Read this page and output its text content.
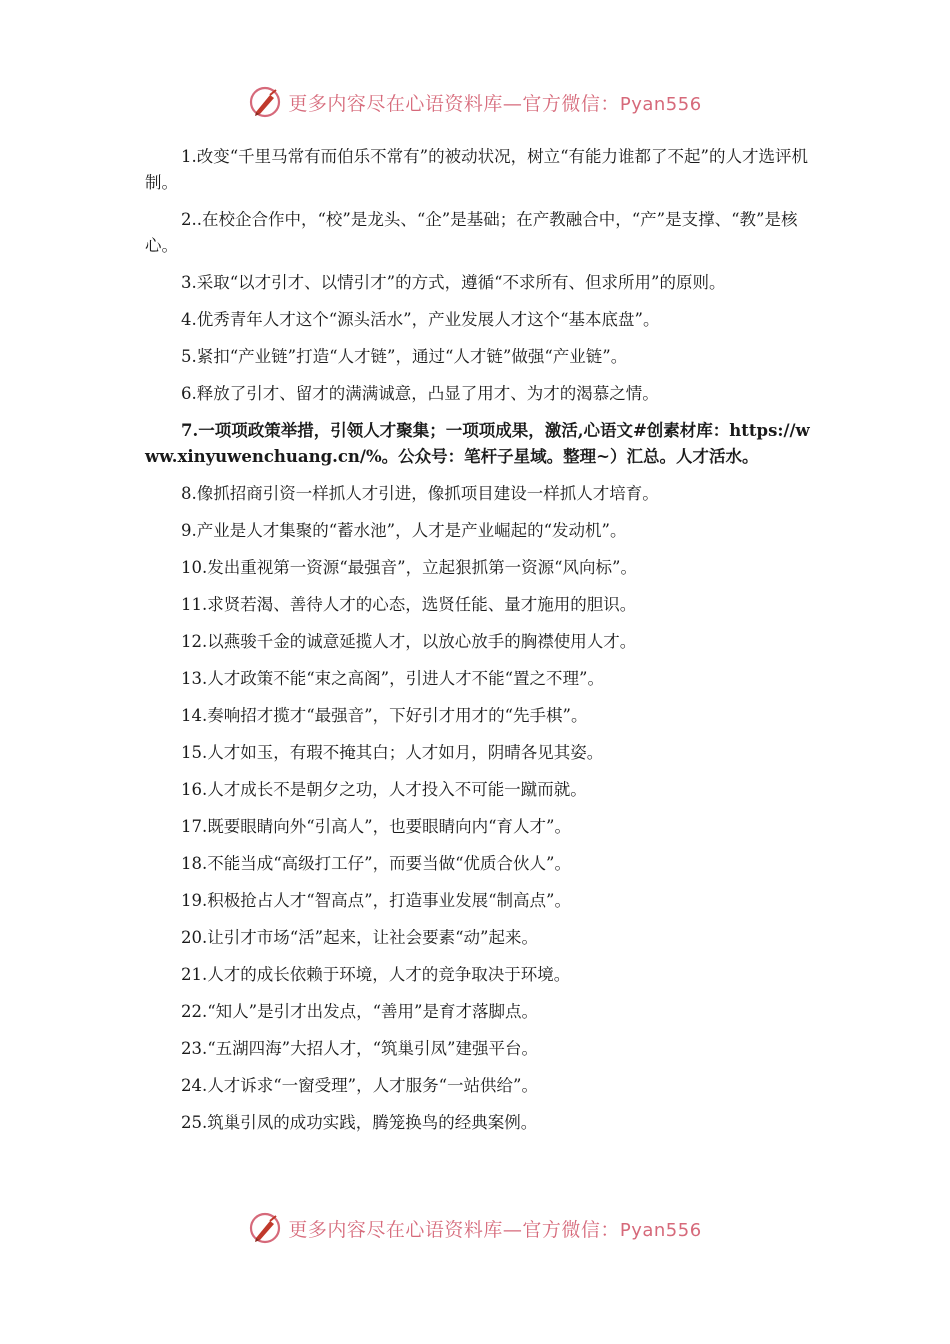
更多内容尽在心语资料库—官方微信：Pyan556

1.改变“千里马常有而伯乐不常有”的被动状况，树立“有能力谁都了不起”的人才选评机制。

2..在校企合作中，“校”是龙头、“企”是基础；在产教融合中，“产”是支撑、“教”是核心。

3.采取“以才引才、以情引才”的方式，遵循“不求所有、但求所用”的原则。

4.优秀青年人才这个“源头活水”，产业发展人才这个“基本底盘”。

5.紧扣“产业链”打造“人才链”，通过“人才链”做强“产业链”。

6.释放了引才、留才的满满诚意，凸显了用才、为才的渴慕之情。

7.一项项政策举措，引领人才聚集；一项项成果，激活,心语文#创素材库：https://www.xinyuwenchuang.cn/%。公众号：笔杆子星域。整理~）汇总。人才活水。

8.像抓招商引资一样抓人才引进，像抓项目建设一样抓人才培育。

9.产业是人才集聚的“蓄水池”，人才是产业崛起的“发动机”。

10.发出重视第一资源“最强音”，立起狠抓第一资源“风向标”。

11.求贤若渴、善待人才的心态，选贤任能、量才施用的胆识。

12.以燕骏千金的诚意延揽人才，以放心放手的胸襟使用人才。

13.人才政策不能“束之高阁”，引进人才不能“置之不理”。

14.奏响招才揽才“最强音”，下好引才用才的“先手棋”。

15.人才如玉，有瑕不掩其白；人才如月，阴晴各见其姿。

16.人才成长不是朝夕之功，人才投入不可能一蹴而就。

17.既要眼睛向外“引高人”，也要眼睛向内“育人才”。

18.不能当成“高级打工仔”，而要当做“优质合伙人”。

19.积极抢占人才“智高点”，打造事业发展“制高点”。

20.让引才市场“活”起来，让社会要素“动”起来。

21.人才的成长依赖于环境，人才的竞争取决于环境。

22.“知人”是引才出发点，“善用”是育才落脚点。

23.“五湖四海”大招人才，“筑巢引凤”建强平台。

24.人才诉求“一窗受理”，人才服务“一站供给”。

25.筑巢引凤的成功实践，腾笼换鸟的经典案例。

更多内容尽在心语资料库—官方微信：Pyan556
